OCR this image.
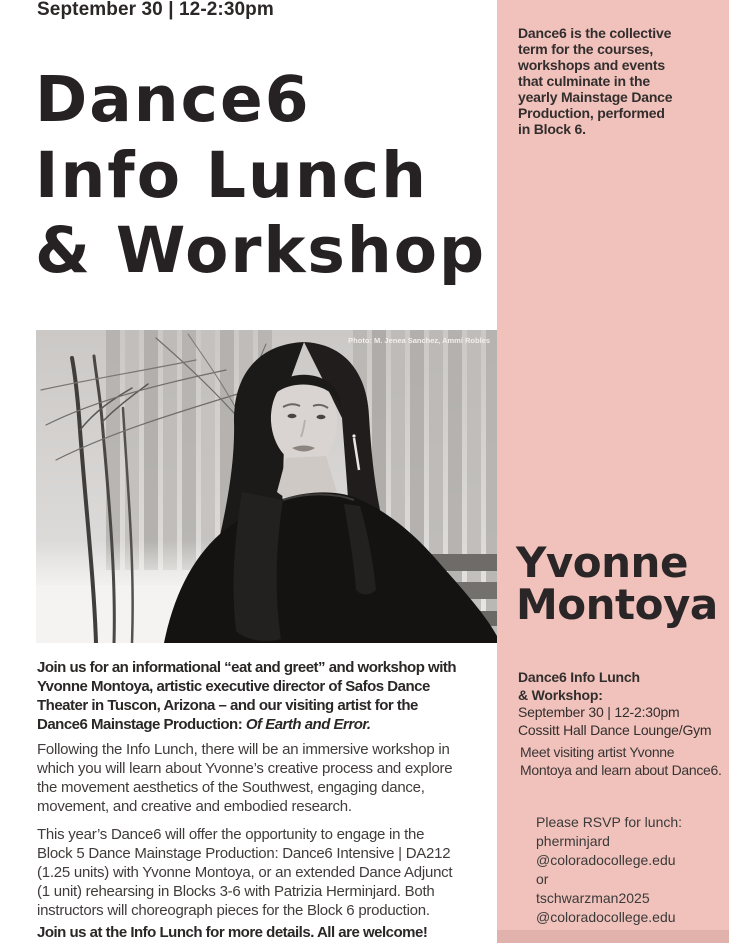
Dance6 is the collective
term for the courses,
workshops and events
that culminate in the
yearly Mainstage Dance
Production, performed
in Block 6.
Yvonne
Montoya
Dance6 Info Lunch
& Workshop:
September 30 | 12-2:30pm
Cossitt Hall Dance Lounge/Gym
Meet visiting artist Yvonne
Montoya and learn about Dance6.
Please RSVP for lunch:
pherminjard
@coloradocollege.edu
or
tschwarzman2025
@coloradocollege.edu
September 30 | 12-2:30pm
Dance6
Info Lunch
& Workshop
Photo: M. Jenea Sanchez, Ammi Robles
Join us for an informational “eat and greet” and workshop with
Yvonne Montoya, artistic executive director of Safos Dance
Theater in Tuscon, Arizona – and our visiting artist for the
Dance6 Mainstage Production: Of Earth and Error.
Following the Info Lunch, there will be an immersive workshop in
which you will learn about Yvonne’s creative process and explore
the movement aesthetics of the Southwest, engaging dance,
movement, and creative and embodied research.
This year’s Dance6 will offer the opportunity to engage in the
Block 5 Dance Mainstage Production: Dance6 Intensive | DA212
(1.25 units) with Yvonne Montoya, or an extended Dance Adjunct
(1 unit) rehearsing in Blocks 3-6 with Patrizia Herminjard. Both
instructors will choreograph pieces for the Block 6 production.
Join us at the Info Lunch for more details. All are welcome!
